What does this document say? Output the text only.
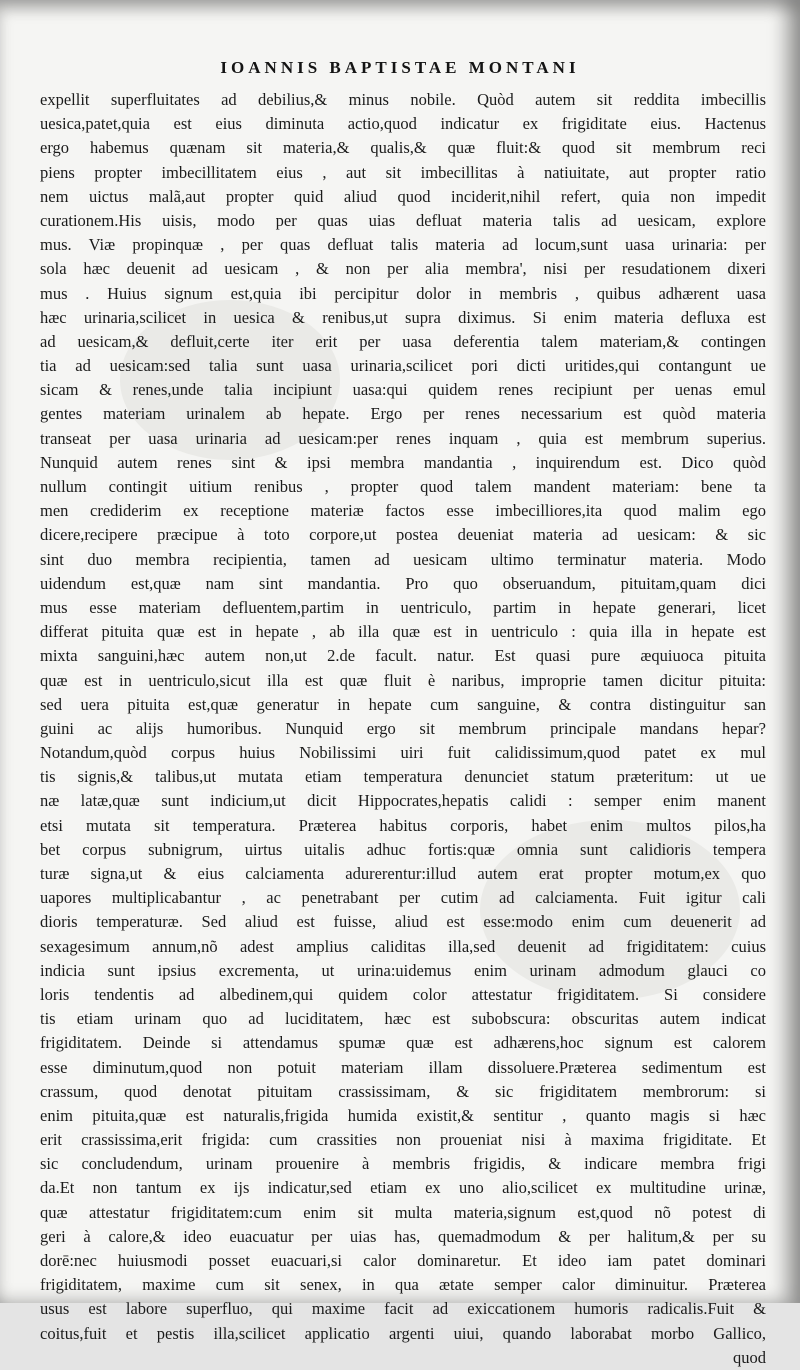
IOANNIS BAPTISTAE MONTANI
expellit superfluitates ad debilius,& minus nobile. Quòd autem sit reddita imbecillis
uesica,patet,quia est eius diminuta actio,quod indicatur ex frigiditate eius. Hactenus
ergo habemus quænam sit materia,& qualis,& quæ fluit:& quod sit membrum reci
piens propter imbecillitatem eius , aut sit imbecillitas à natiuitate, aut propter ratio
nem uictus malã,aut propter quid aliud quod inciderit,nihil refert, quia non impedit
curationem.His uisis, modo per quas uias defluat materia talis ad uesicam, explore
mus. Viæ propinquæ , per quas defluat talis materia ad locum,sunt uasa urinaria: per
sola hæc deuenit ad uesicam , & non per alia membra', nisi per resudationem dixeri
mus . Huius signum est,quia ibi percipitur dolor in membris , quibus adhærent uasa
hæc urinaria,scilicet in uesica & renibus,ut supra diximus. Si enim materia defluxa est
ad uesicam,& defluit,certe iter erit per uasa deferentia talem materiam,& contingen
tia ad uesicam:sed talia sunt uasa urinaria,scilicet pori dicti uritides,qui contangunt ue
sicam & renes,unde talia incipiunt uasa:qui quidem renes recipiunt per uenas emul
gentes materiam urinalem ab hepate. Ergo per renes necessarium est quòd materia
transeat per uasa urinaria ad uesicam:per renes inquam , quia est membrum superius.
Nunquid autem renes sint & ipsi membra mandantia , inquirendum est. Dico quòd
nullum contingit uitium renibus , propter quod talem mandent materiam: bene ta
men crediderim ex receptione materiæ factos esse imbecilliores,ita quod malim ego
dicere,recipere præcipue à toto corpore,ut postea deueniat materia ad uesicam: & sic
sint duo membra recipientia, tamen ad uesicam ultimo terminatur materia. Modo
uidendum est,quæ nam sint mandantia. Pro quo obseruandum, pituitam,quam dici
mus esse materiam defluentem,partim in uentriculo, partim in hepate generari, licet
differat pituita quæ est in hepate , ab illa quæ est in uentriculo : quia illa in hepate est
mixta sanguini,hæc autem non,ut 2.de facult. natur. Est quasi pure æquiuoca pituita
quæ est in uentriculo,sicut illa est quæ fluit è naribus, improprie tamen dicitur pituita:
sed uera pituita est,quæ generatur in hepate cum sanguine, & contra distinguitur san
guini ac alijs humoribus. Nunquid ergo sit membrum principale mandans hepar?
Notandum,quòd corpus huius Nobilissimi uiri fuit calidissimum,quod patet ex mul
tis signis,& talibus,ut mutata etiam temperatura denunciet statum præteritum: ut ue
næ latæ,quæ sunt indicium,ut dicit Hippocrates,hepatis calidi : semper enim manent
etsi mutata sit temperatura. Præterea habitus corporis, habet enim multos pilos,ha
bet corpus subnigrum, uirtus uitalis adhuc fortis:quæ omnia sunt calidioris tempera
turæ signa,ut & eius calciamenta adurerentur:illud autem erat propter motum,ex quo
uapores multiplicabantur , ac penetrabant per cutim ad calciamenta. Fuit igitur cali
dioris temperaturæ. Sed aliud est fuisse, aliud est esse:modo enim cum deuenerit ad
sexagesimum annum,nõ adest amplius caliditas illa,sed deuenit ad frigiditatem: cuius
indicia sunt ipsius excrementa, ut urina:uidemus enim urinam admodum glauci co
loris tendentis ad albedinem,qui quidem color attestatur frigiditatem. Si considere
tis etiam urinam quo ad luciditatem, hæc est subobscura: obscuritas autem indicat
frigiditatem. Deinde si attendamus spumæ quæ est adhærens,hoc signum est calorem
esse diminutum,quod non potuit materiam illam dissoluere.Præterea sedimentum est
crassum, quod denotat pituitam crassissimam, & sic frigiditatem membrorum: si
enim pituita,quæ est naturalis,frigida humida existit,& sentitur , quanto magis si hæc
erit crassissima,erit frigida: cum crassities non proueniat nisi à maxima frigiditate. Et
sic concludendum, urinam prouenire à membris frigidis, & indicare membra frigi
da.Et non tantum ex ijs indicatur,sed etiam ex uno alio,scilicet ex multitudine urinæ,
quæ attestatur frigiditatem:cum enim sit multa materia,signum est,quod nõ potest di
geri à calore,& ideo euacuatur per uias has, quemadmodum & per halitum,& per su
dorē:nec huiusmodi posset euacuari,si calor dominaretur. Et ideo iam patet dominari
frigiditatem, maxime cum sit senex, in qua ætate semper calor diminuitur. Præterea
usus est labore superfluo, qui maxime facit ad exiccationem humoris radicalis.Fuit &
coitus,fuit et pestis illa,scilicet applicatio argenti uiui, quando laborabat morbo Gallico,
quod
